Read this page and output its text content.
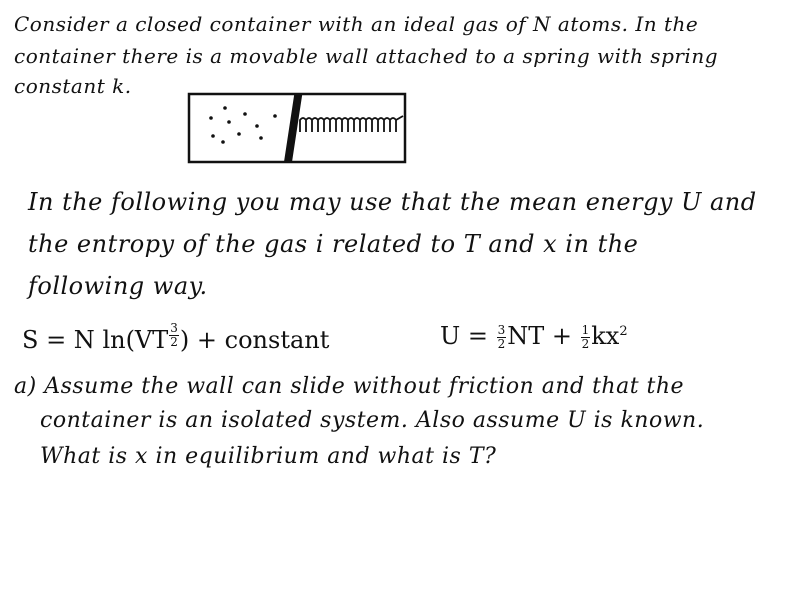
Consider a closed container with an ideal gas of N atoms. In the
container there is a movable wall attached to a spring with spring
constant k.
In the following you may use that the mean energy U and
the entropy of the gas i related to T and x in the
following way.
S = N ln(VT $^{\frac{3}{2}}$ ) + constant	$U = \frac{3}{2}$ NT + $\frac{1}{2} kx^2$
a) Assume the wall can slide without friction and that the
container is an isolated system. Also assume U is known.
What is x in equilibrium and what is T?
